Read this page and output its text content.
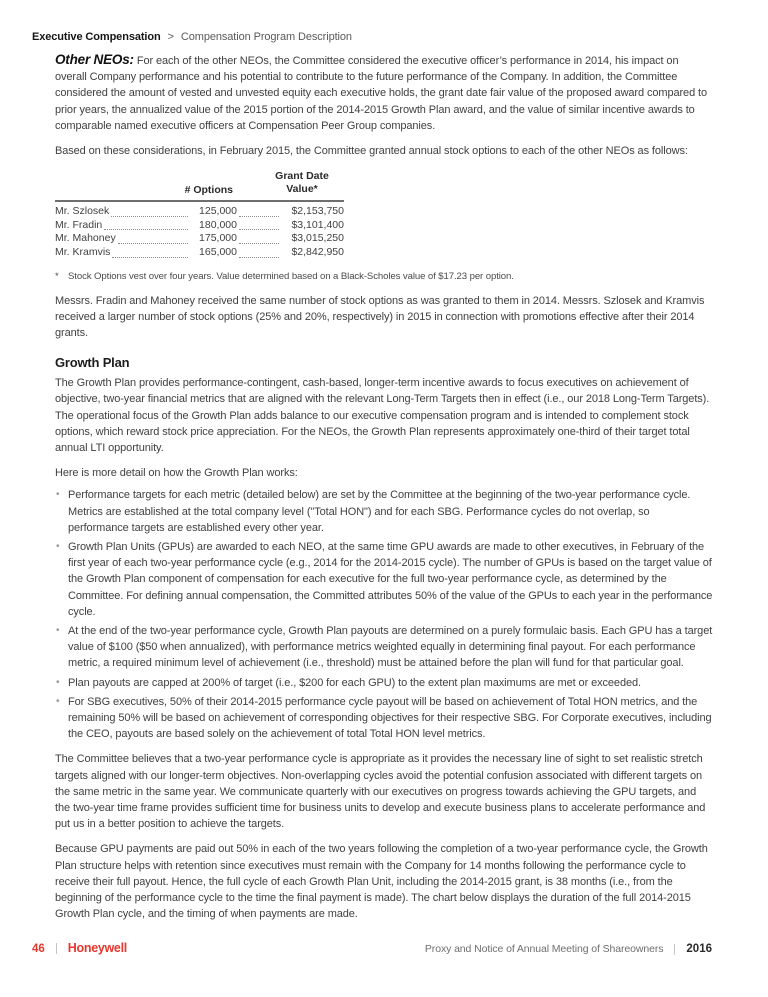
Executive Compensation > Compensation Program Description

Other NEOs: For each of the other NEOs, the Committee considered the executive officer’s performance in 2014, his impact on overall Company performance and his potential to contribute to the future performance of the Company. In addition, the Committee considered the amount of vested and unvested equity each executive holds, the grant date fair value of the proposed award compared to prior years, the annualized value of the 2015 portion of the 2014-2015 Growth Plan award, and the value of similar incentive awards to comparable named executive officers at Compensation Peer Group companies.

Based on these considerations, in February 2015, the Committee granted annual stock options to each of the other NEOs as follows:

# Options
Grant Date
Value*
Mr. Szlosek	125,000	$2,153,750
Mr. Fradin	180,000	$3,101,400
Mr. Mahoney	175,000	$3,015,250
Mr. Kramvis	165,000	$2,842,950
* Stock Options vest over four years. Value determined based on a Black-Scholes value of $17.23 per option.

Messrs. Fradin and Mahoney received the same number of stock options as was granted to them in 2014. Messrs. Szlosek and Kramvis received a larger number of stock options (25% and 20%, respectively) in 2015 in connection with promotions effective after their 2014 grants.

Growth Plan

The Growth Plan provides performance-contingent, cash-based, longer-term incentive awards to focus executives on achievement of objective, two-year financial metrics that are aligned with the relevant Long-Term Targets then in effect (i.e., our 2018 Long-Term Targets). The operational focus of the Growth Plan adds balance to our executive compensation program and is intended to complement stock options, which reward stock price appreciation. For the NEOs, the Growth Plan represents approximately one-third of their target total annual LTI opportunity.

Here is more detail on how the Growth Plan works:

• Performance targets for each metric (detailed below) are set by the Committee at the beginning of the two-year performance cycle. Metrics are established at the total company level ("Total HON") and for each SBG. Performance cycles do not overlap, so performance targets are established every other year.
• Growth Plan Units (GPUs) are awarded to each NEO, at the same time GPU awards are made to other executives, in February of the first year of each two-year performance cycle (e.g., 2014 for the 2014-2015 cycle). The number of GPUs is based on the target value of the Growth Plan component of compensation for each executive for the full two-year performance cycle, as determined by the Committee. For defining annual compensation, the Committed attributes 50% of the value of the GPUs to each year in the performance cycle.
• At the end of the two-year performance cycle, Growth Plan payouts are determined on a purely formulaic basis. Each GPU has a target value of $100 ($50 when annualized), with performance metrics weighted equally in determining final payout. For each performance metric, a required minimum level of achievement (i.e., threshold) must be attained before the plan will fund for that particular goal.
• Plan payouts are capped at 200% of target (i.e., $200 for each GPU) to the extent plan maximums are met or exceeded.
• For SBG executives, 50% of their 2014-2015 performance cycle payout will be based on achievement of Total HON metrics, and the remaining 50% will be based on achievement of corresponding objectives for their respective SBG. For Corporate executives, including the CEO, payouts are based solely on the achievement of total Total HON level metrics.

The Committee believes that a two-year performance cycle is appropriate as it provides the necessary line of sight to set realistic stretch targets aligned with our longer-term objectives. Non-overlapping cycles avoid the potential confusion associated with different targets on the same metric in the same year. We communicate quarterly with our executives on progress towards achieving the GPU targets, and the two-year time frame provides sufficient time for business units to develop and execute business plans to accelerate performance and put us in a better position to achieve the targets.

Because GPU payments are paid out 50% in each of the two years following the completion of a two-year performance cycle, the Growth Plan structure helps with retention since executives must remain with the Company for 14 months following the performance cycle to receive their full payout. Hence, the full cycle of each Growth Plan Unit, including the 2014-2015 grant, is 38 months (i.e., from the beginning of the performance cycle to the time the final payment is made). The chart below displays the duration of the full 2014-2015 Growth Plan cycle, and the timing of when payments are made.

46 Honeywell	Proxy and Notice of Annual Meeting of Shareowners 2016
